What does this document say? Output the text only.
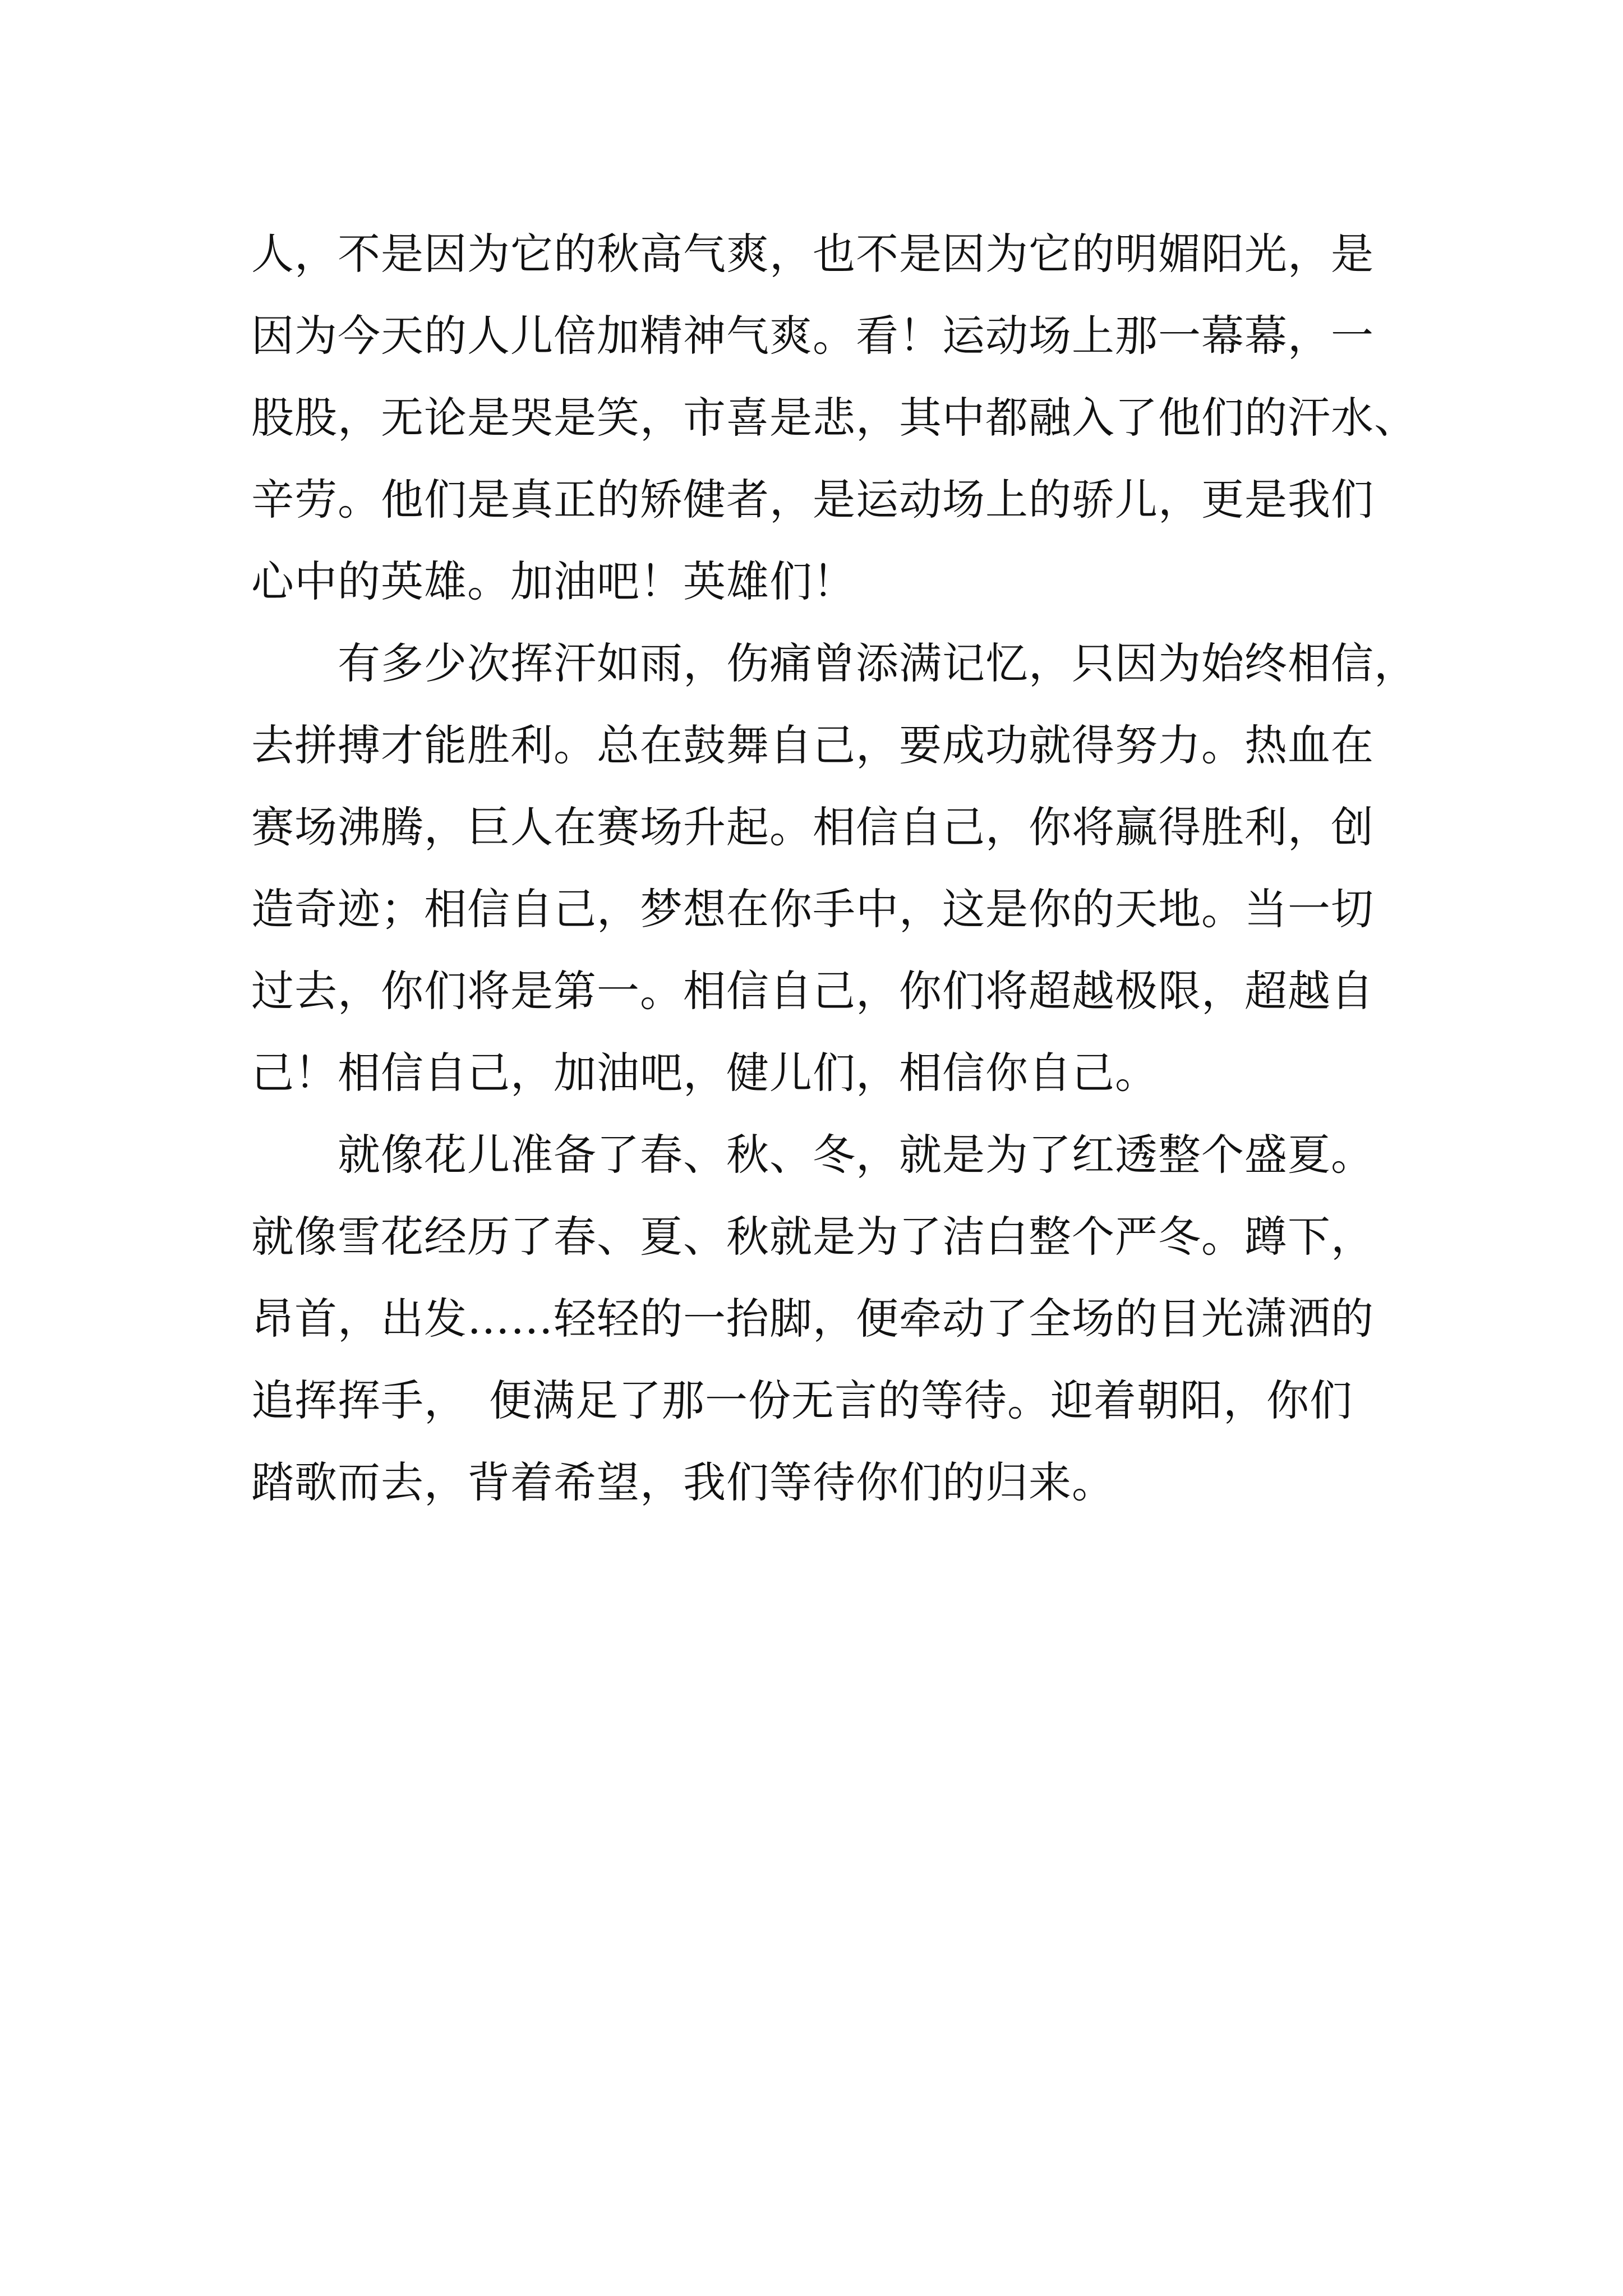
人，不是因为它的秋高气爽，也不是因为它的明媚阳光，是
因为今天的人儿倍加精神气爽。看！运动场上那一幕幕，一
股股，无论是哭是笑，市喜是悲，其中都融入了他们的汗水、
辛劳。他们是真正的矫健者，是运动场上的骄儿，更是我们
心中的英雄。加油吧！英雄们！
　　有多少次挥汗如雨，伤痛曾添满记忆，只因为始终相信，
去拼搏才能胜利。总在鼓舞自己，要成功就得努力。热血在
赛场沸腾，巨人在赛场升起。相信自己，你将赢得胜利，创
造奇迹；相信自己，梦想在你手中，这是你的天地。当一切
过去，你们将是第一。相信自己，你们将超越极限，超越自
己！相信自己，加油吧，健儿们，相信你自己。
　　就像花儿准备了春、秋、冬，就是为了红透整个盛夏。
就像雪花经历了春、夏、秋就是为了洁白整个严冬。蹲下，
昂首，出发……轻轻的一抬脚，便牵动了全场的目光潇洒的
追挥挥手，　便满足了那一份无言的等待。迎着朝阳，你们
踏歌而去，背着希望，我们等待你们的归来。
